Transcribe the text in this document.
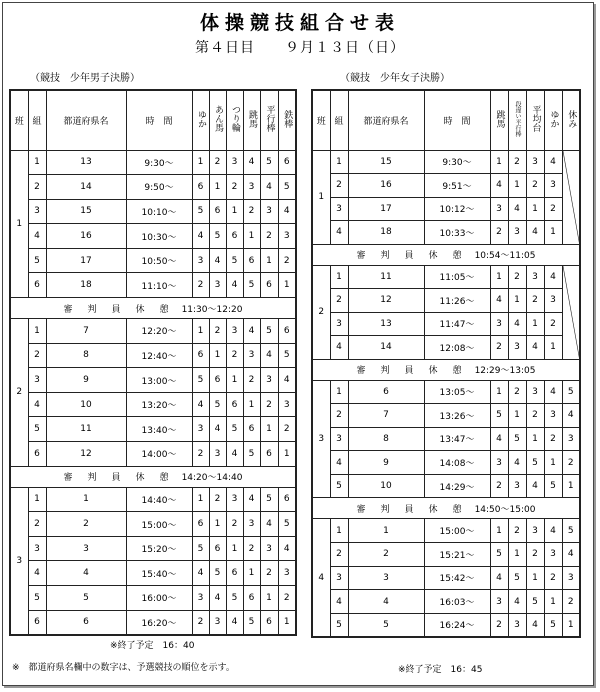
体操競技組合せ表
第４日目　　９月１３日（日）
（競技　少年男子決勝）	（競技　少年女子決勝）
班	組	都道府県名	時　間	ゆか	あん馬	つり輪	跳馬	平行棒	鉄棒
1	1	13	9:30～	1	2	3	4	5	6
	2	14	9:50～	6	1	2	3	4	5
	3	15	10:10～	5	6	1	2	3	4
	4	16	10:30～	4	5	6	1	2	3
	5	17	10:50～	3	4	5	6	1	2
	6	18	11:10～	2	3	4	5	6	1
審　判　員　休　憩 11:30～12:20									
2	1	7	12:20～	1	2	3	4	5	6
	2	8	12:40～	6	1	2	3	4	5
	3	9	13:00～	5	6	1	2	3	4
	4	10	13:20～	4	5	6	1	2	3
	5	11	13:40～	3	4	5	6	1	2
	6	12	14:00～	2	3	4	5	6	1
審　判　員　休　憩 14:20～14:40									
3	1	1	14:40～	1	2	3	4	5	6
	2	2	15:00～	6	1	2	3	4	5
	3	3	15:20～	5	6	1	2	3	4
	4	4	15:40～	4	5	6	1	2	3
	5	5	16:00～	3	4	5	6	1	2
	6	6	16:20～	2	3	4	5	6	1
班	組	都道府県名	時　間	跳馬	段違い平行棒	平均台	ゆか	休み
1	1	15	9:30～	1	2	3	4	

	2	16	9:51～	4	1	2	3	
	3	17	10:12～	3	4	1	2	
	4	18	10:33～	2	3	4	1	
審　判　員　休　憩 10:54～11:05								
2	1	11	11:05～	1	2	3	4	

	2	12	11:26～	4	1	2	3	
	3	13	11:47～	3	4	1	2	
	4	14	12:08～	2	3	4	1	
審　判　員　休　憩 12:29～13:05								
3	1	6	13:05～	1	2	3	4	5
	2	7	13:26～	5	1	2	3	4
	3	8	13:47～	4	5	1	2	3
	4	9	14:08～	3	4	5	1	2
	5	10	14:29～	2	3	4	5	1
審　判　員　休　憩 14:50～15:00								
4	1	1	15:00～	1	2	3	4	5
	2	2	15:21～	5	1	2	3	4
	3	3	15:42～	4	5	1	2	3
	4	4	16:03～	3	4	5	1	2
	5	5	16:24～	2	3	4	5	1
※終了予定　16：40
※終了予定　16：45
※　都道府県名欄中の数字は、予選競技の順位を示す。
